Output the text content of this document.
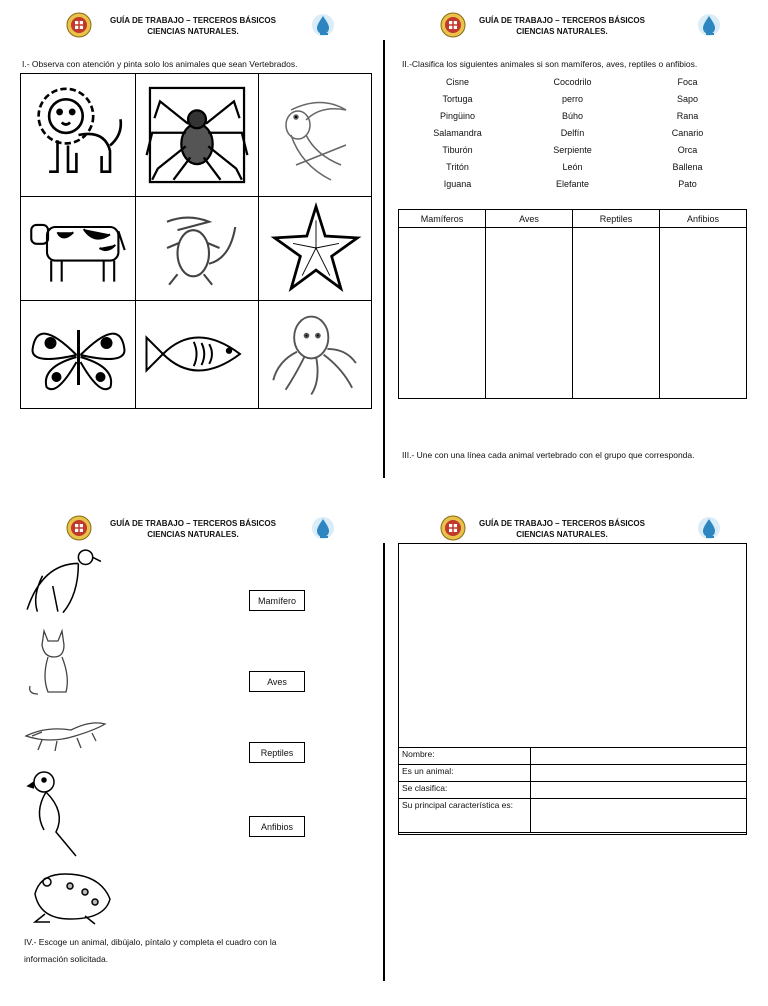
GUÍA DE TRABAJO – TERCEROS BÁSICOS
CIENCIAS NATURALES.
GUÍA DE TRABAJO – TERCEROS BÁSICOS
CIENCIAS NATURALES.
GUÍA DE TRABAJO – TERCEROS BÁSICOS
CIENCIAS NATURALES.
GUÍA DE TRABAJO – TERCEROS BÁSICOS
CIENCIAS NATURALES.
I.- Observa con atención y pinta solo los animales que sean Vertebrados.	II.-Clasifica los siguientes animales si son mamíferos, aves, reptiles o anfibios.
Cisne	Cocodrilo	Foca
Tortuga	perro	Sapo
Pingüino	Búho	Rana
Salamandra	Delfín	Canario
Tiburón	Serpiente	Orca
Tritón	León	Ballena
Iguana	Elefante	Pato
Mamíferos	Aves	Reptiles	Anfibios

III.- Une con una línea cada animal vertebrado con el grupo que corresponda.
Mamífero
Aves
Reptiles
Anfibios
IV.- Escoge un animal, dibújalo, píntalo y completa el cuadro con la
información solicitada.
Nombre:	
Es un animal:	
Se clasifica:	
Su principal característica es:	
